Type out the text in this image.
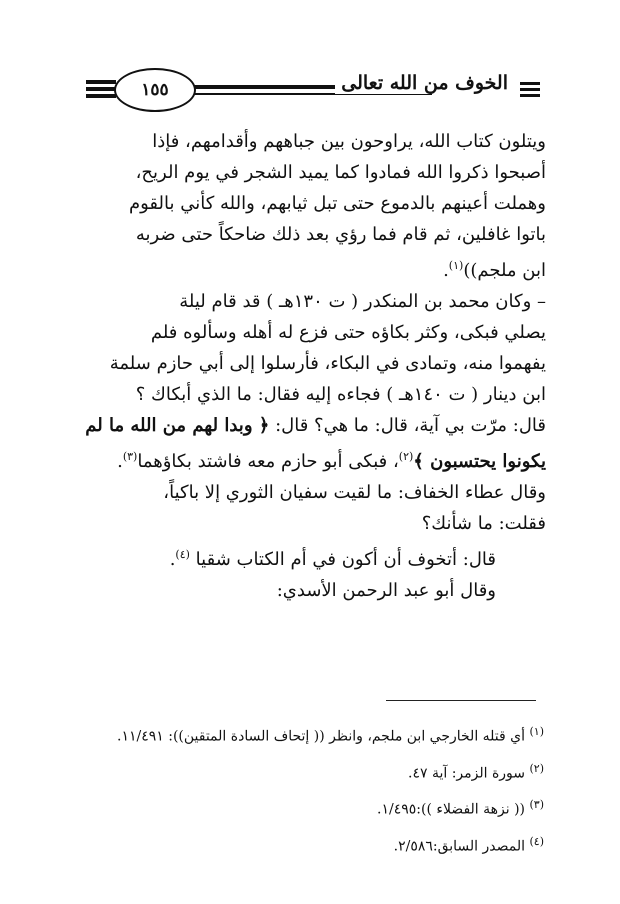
١٥٥	الخوف من الله تعالى

ويتلون كتاب الله، يراوحون بين جباههم وأقدامهم، فإذا

أصبحوا ذكروا الله فمادوا كما يميد الشجر في يوم الريح،

وهملت أعينهم بالدموع حتى تبل ثيابهم، والله كأني بالقوم

باتوا غافلين، ثم قام فما رؤي بعد ذلك ضاحكاً حتى ضربه

ابن ملجم))$^{(١)}$.

– وكان محمد بن المنكدر ( ت ١٣٠هـ ) قد قام ليلة

يصلي فبكى، وكثر بكاؤه حتى فزع له أهله وسألوه فلم

يفهموا منه، وتمادى في البكاء، فأرسلوا إلى أبي حازم سلمة

ابن دينار ( ت ١٤٠هـ ) فجاءه إليه فقال: ما الذي أبكاك ؟

قال: مرّت بي آية، قال: ما هي؟ قال: ﴿ وبدا لهم من الله ما لم

يكونوا يحتسبون ﴾$^{(٢)}$، فبكى أبو حازم معه فاشتد بكاؤهما$^{(٣)}$.

وقال عطاء الخفاف: ما لقيت سفيان الثوري إلا باكياً،

فقلت: ما شأنك؟

قال: أتخوف أن أكون في أم الكتاب شقيا $^{(٤)}$.

وقال أبو عبد الرحمن الأسدي:

$^{(١)}$ أي قتله الخارجي ابن ملجم، وانظر (( إتحاف السادة المتقين)): ١١/٤٩١.

$^{(٢)}$ سورة الزمر: آية ٤٧.

$^{(٣)}$ (( نزهة الفضلاء )):١/٤٩٥.

$^{(٤)}$ المصدر السابق:٢/٥٨٦.
